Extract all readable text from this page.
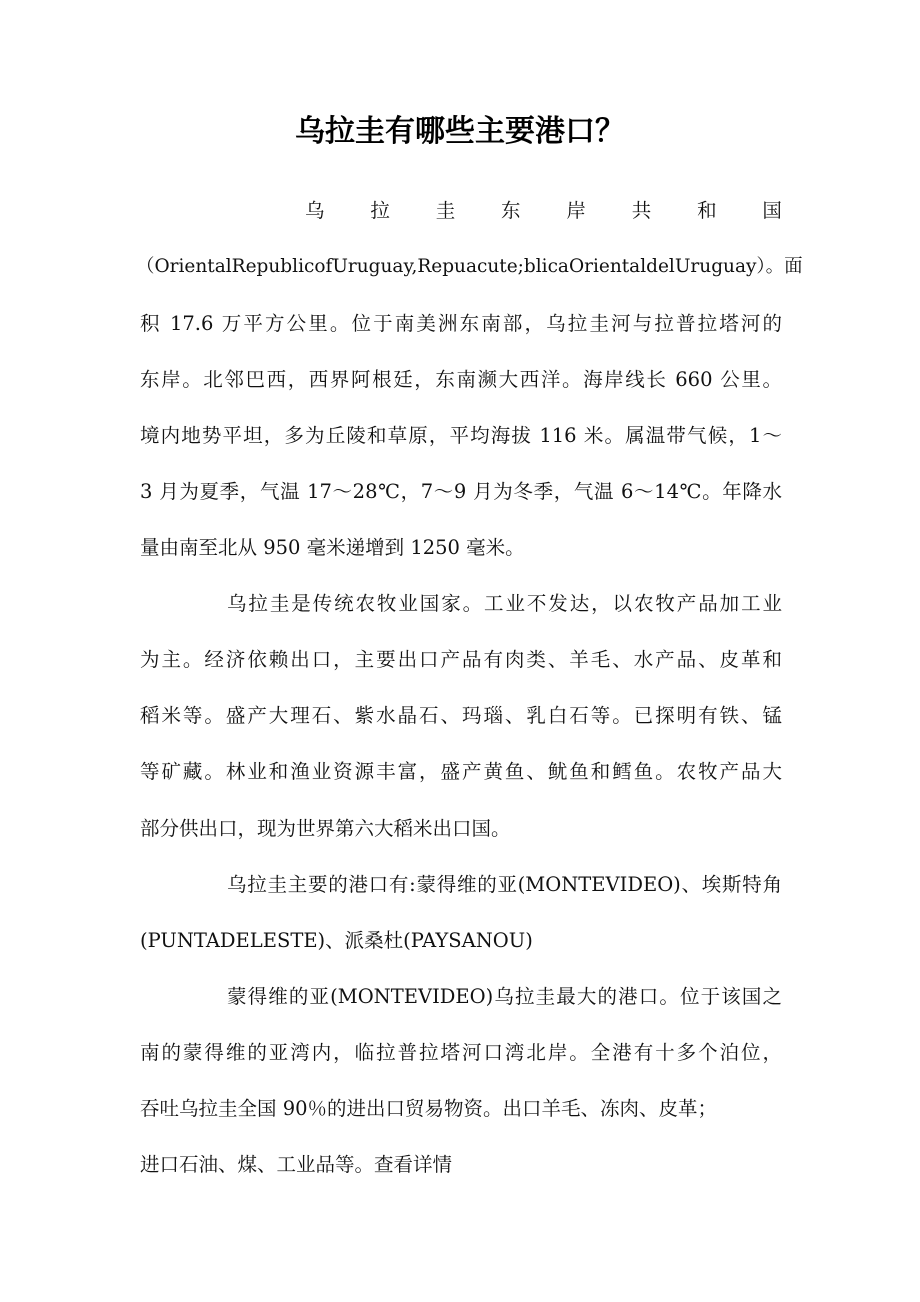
乌拉圭有哪些主要港口？
乌 拉 圭 东 岸 共 和 国
（OrientalRepublicofUruguay,Repuacute;blicaOrientaldelUruguay）。面
积 17.6 万平方公里。位于南美洲东南部，乌拉圭河与拉普拉塔河的
东岸。北邻巴西，西界阿根廷，东南濒大西洋。海岸线长 660 公里。
境内地势平坦，多为丘陵和草原，平均海拔 116 米。属温带气候，1～
3 月为夏季，气温 17～28℃，7～9 月为冬季，气温 6～14℃。年降水
量由南至北从 950 毫米递增到 1250 毫米。
乌拉圭是传统农牧业国家。工业不发达，以农牧产品加工业
为主。经济依赖出口，主要出口产品有肉类、羊毛、水产品、皮革和
稻米等。盛产大理石、紫水晶石、玛瑙、乳白石等。已探明有铁、锰
等矿藏。林业和渔业资源丰富，盛产黄鱼、鱿鱼和鳕鱼。农牧产品大
部分供出口，现为世界第六大稻米出口国。
乌拉圭主要的港口有:蒙得维的亚(MONTEVIDEO)、埃斯特角
(PUNTADELESTE)、派桑杜(PAYSANOU)
蒙得维的亚(MONTEVIDEO)乌拉圭最大的港口。位于该国之
南的蒙得维的亚湾内，临拉普拉塔河口湾北岸。全港有十多个泊位，
吞吐乌拉圭全国 90％的进出口贸易物资。出口羊毛、冻肉、皮革；
进口石油、煤、工业品等。查看详情
